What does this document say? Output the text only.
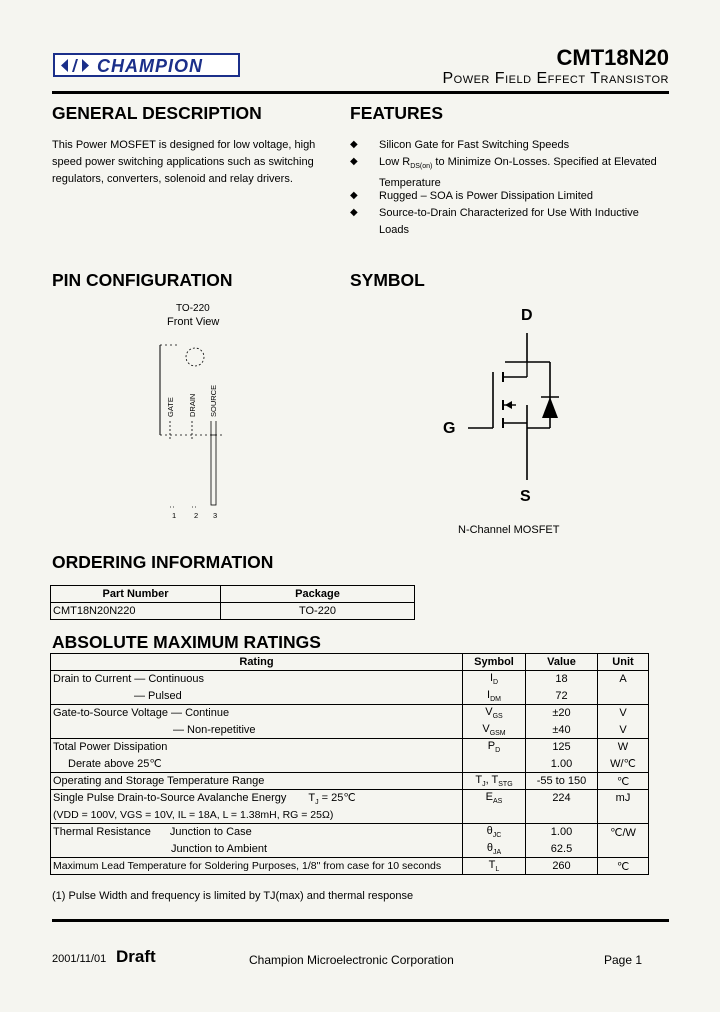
CHAMPION	CMT18N20
Power Field Effect Transistor
GENERAL DESCRIPTION
This Power MOSFET is designed for low voltage, high
speed power switching applications such as switching
regulators, converters, solenoid and relay drivers.
FEATURES
◆ Silicon Gate for Fast Switching Speeds
◆ Low $R_{DS(on)}$ to Minimize On-Losses. Specified at Elevated
Temperature
◆ Rugged – SOA is Power Dissipation Limited
◆ Source-to-Drain Characterized for Use With Inductive
Loads
PIN CONFIGURATION
TO-220
Front View
GATE	DRAIN	SOURCE
1 2 3
SYMBOL
D
G
S
N-Channel MOSFET
ORDERING INFORMATION
Part Number	Package
CMT18N20N220	TO-220
ABSOLUTE MAXIMUM RATINGS
Rating	Symbol	Value	Unit
Drain to Current — Continuous	$I_D$	18	A
— Pulsed	$I_{DM}$	72	
Gate-to-Source Voltage — Continue	$V_{GS}$	±20	V
— Non-repetitive	$V_{GSM}$	±40	V
Total Power Dissipation	$P_D$	125	W
Derate above 25℃		1.00	W/℃
Operating and Storage Temperature Range	$T_J$, $T_{STG}$	-55 to 150	℃
Single Pulse Drain-to-Source Avalanche Energy $T_J$ = 25℃	$E_{AS}$	224	mJ
(VDD = 100V, VGS = 10V, IL = 18A, L = 1.38mH, RG = 25Ω)			
Thermal Resistance Junction to Case	$\theta_{JC}$	1.00	℃/W
Junction to Ambient	$\theta_{JA}$	62.5	
Maximum Lead Temperature for Soldering Purposes, 1/8" from case for 10 seconds	$T_L$	260	℃
(1) Pulse Width and frequency is limited by TJ(max) and thermal response
2001/11/01 Draft	Champion Microelectronic Corporation	Page 1
